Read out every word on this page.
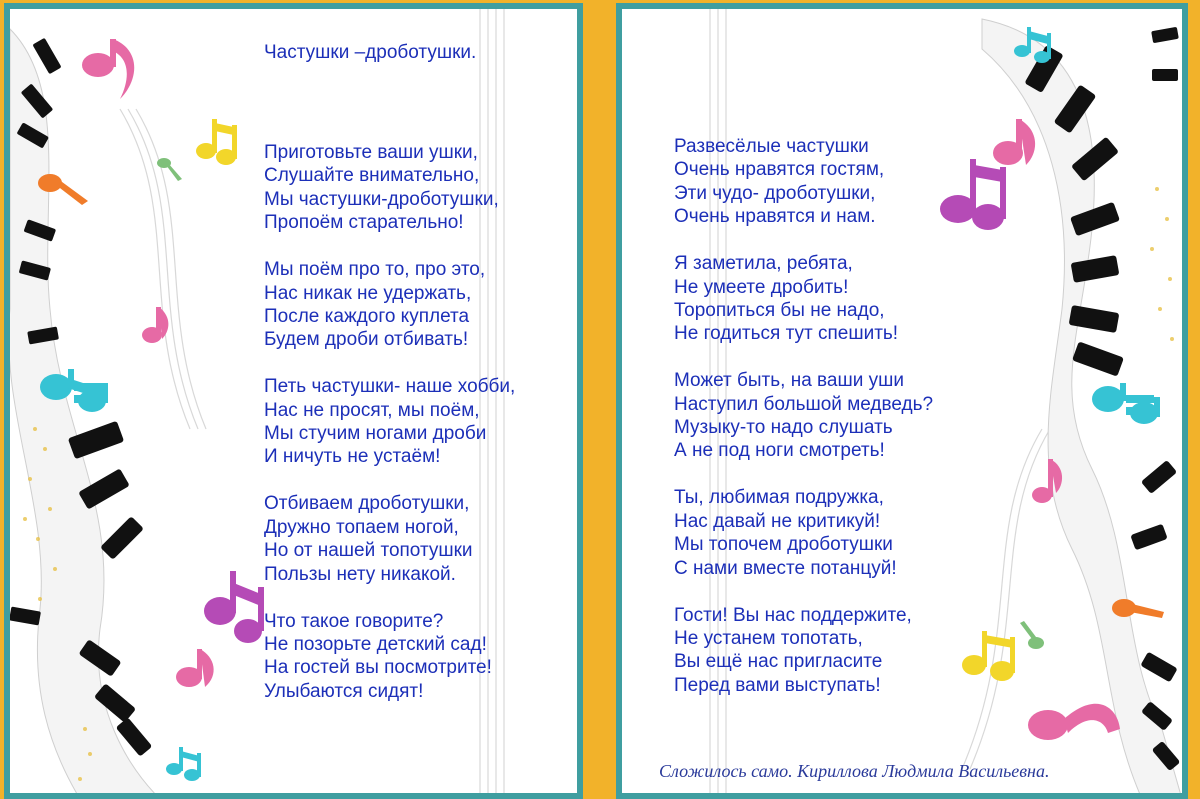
Частушки –дроботушки.
Приготовьте ваши ушки,
Слушайте внимательно,
Мы частушки-дроботушки,
Пропоём старательно!
Мы поём про то, про это,
Нас никак не удержать,
После каждого куплета
Будем дроби отбивать!
Петь частушки- наше хобби,
Нас не просят, мы поём,
Мы стучим ногами дроби
И ничуть не устаём!
Отбиваем дроботушки,
Дружно топаем ногой,
Но от нашей топотушки
Пользы нету никакой.
Что такое говорите?
Не позорьте детский сад!
На гостей вы посмотрите!
Улыбаются сидят!
Развесёлые частушки
Очень нравятся гостям,
Эти чудо- дроботушки,
Очень нравятся и нам.
Я заметила, ребята,
Не умеете дробить!
Торопиться бы не надо,
Не годиться тут спешить!
Может быть, на ваши уши
Наступил большой медведь?
Музыку-то надо слушать
А не под ноги смотреть!
Ты, любимая подружка,
Нас давай не критикуй!
Мы топочем дроботушки
С нами вместе потанцуй!
Гости! Вы нас поддержите,
Не устанем топотать,
Вы ещё нас пригласите
Перед вами выступать!
Сложилось само. Кириллова Людмила Васильевна.
